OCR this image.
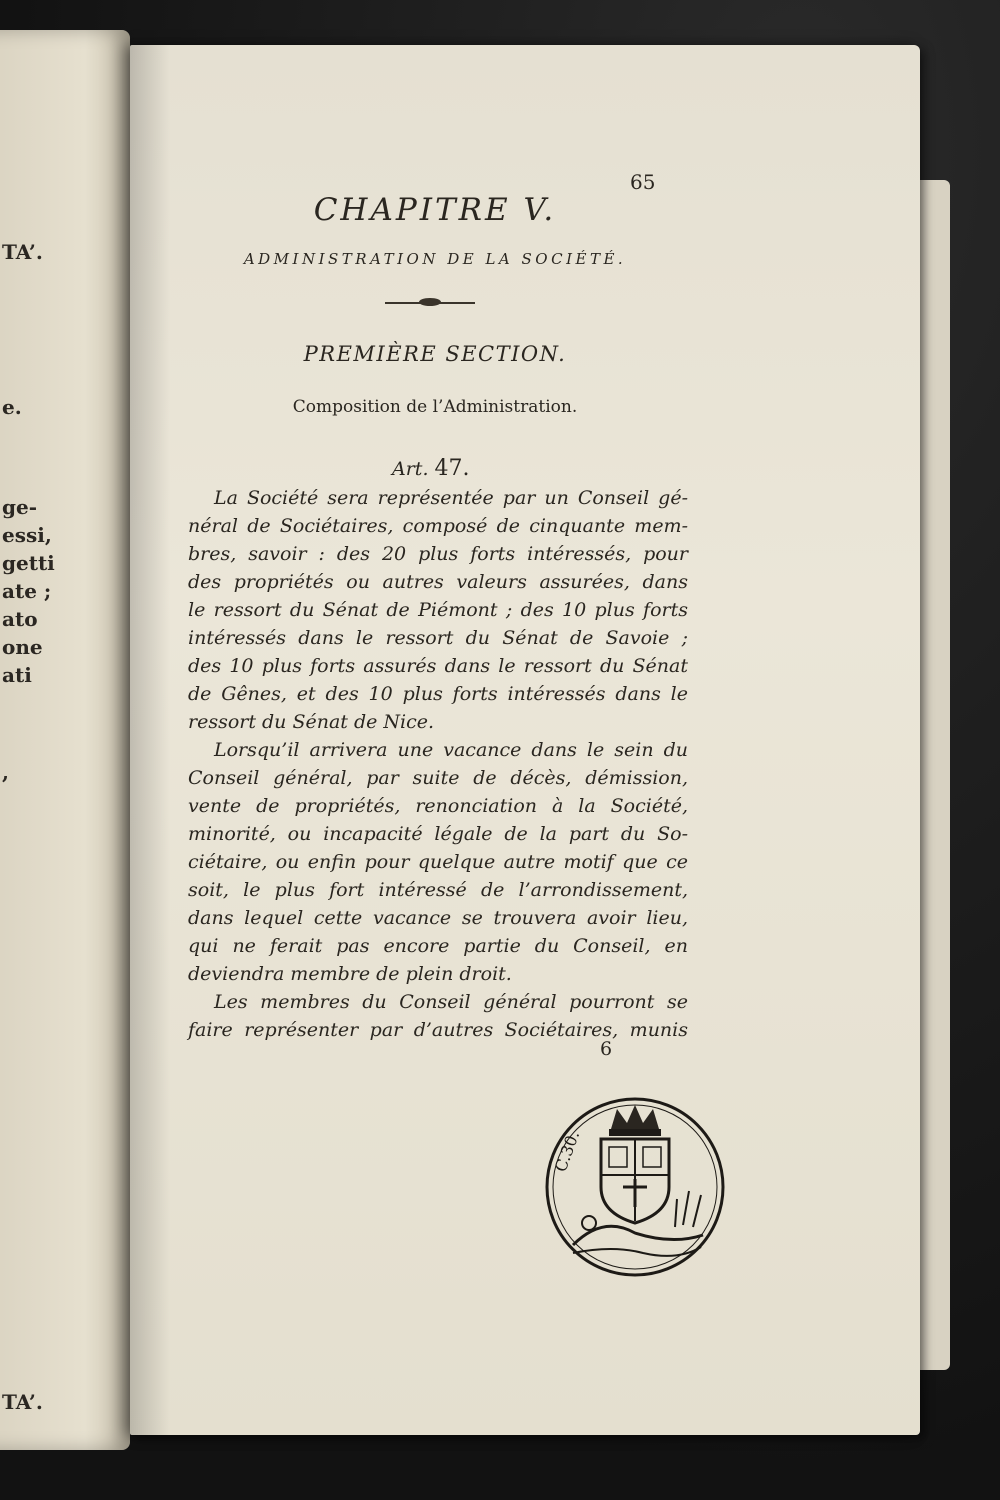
TA’.
e.
ge-
essi,
getti
ate ;
ato
one
ati
,
TA’.
65
CHAPITRE V.
ADMINISTRATION DE LA SOCIÉTÉ.
PREMIÈRE SECTION.
Composition de l’Administration.
Art. 47.
La Société sera représentée par un Conseil gé-
néral de Sociétaires, composé de cinquante mem-
bres, savoir : des 20 plus forts intéressés, pour
des propriétés ou autres valeurs assurées, dans
le ressort du Sénat de Piémont ; des 10 plus forts
intéressés dans le ressort du Sénat de Savoie ;
des 10 plus forts assurés dans le ressort du Sénat
de Gênes, et des 10 plus forts intéressés dans le
ressort du Sénat de Nice.
Lorsqu’il arrivera une vacance dans le sein du
Conseil général, par suite de décès, démission,
vente de propriétés, renonciation à la Société,
minorité, ou incapacité légale de la part du So-
ciétaire, ou enfin pour quelque autre motif que ce
soit, le plus fort intéressé de l’arrondissement,
dans lequel cette vacance se trouvera avoir lieu,
qui ne ferait pas encore partie du Conseil, en
deviendra membre de plein droit.
Les membres du Conseil général pourront se
faire représenter par d’autres Sociétaires, munis
6
C.30.
